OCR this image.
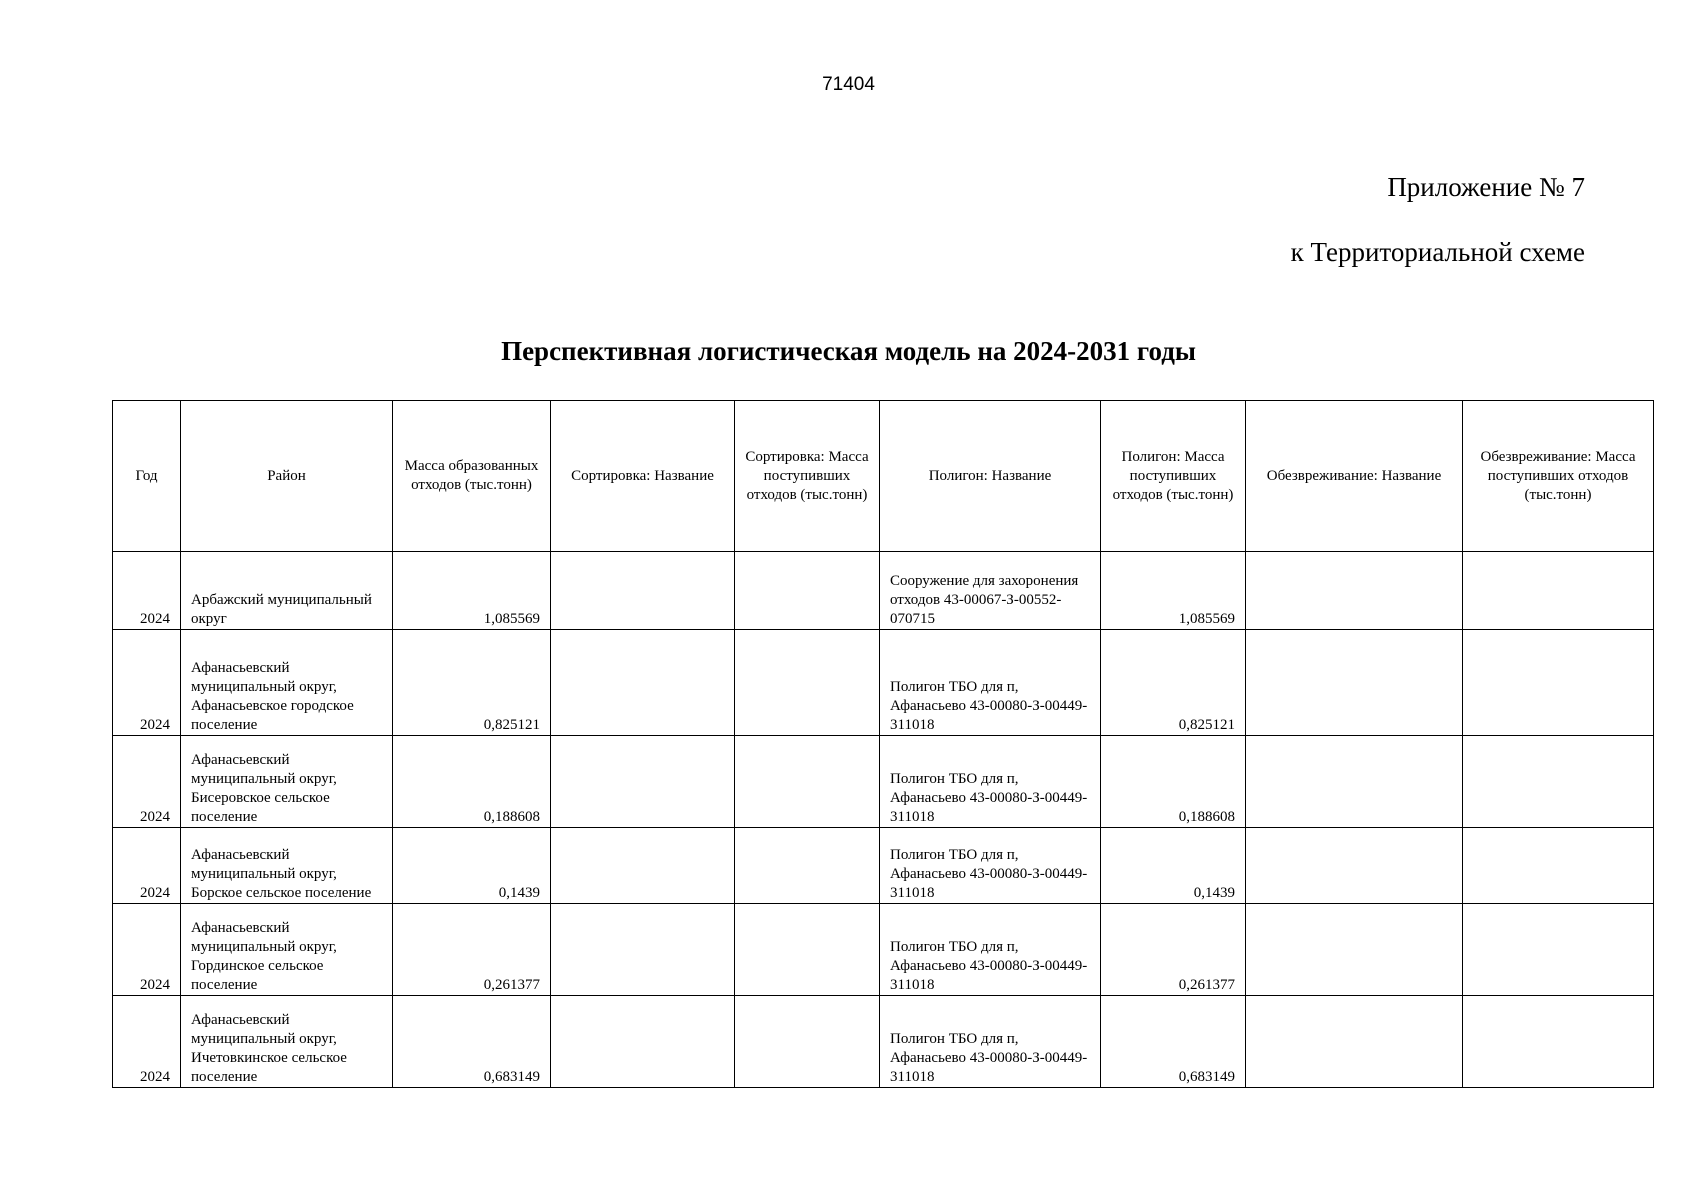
71404
Приложение № 7
к Территориальной схеме
Перспективная логистическая модель на 2024-2031 годы
Год	Район	Масса образованных отходов (тыс.тонн)	Сортировка: Название	Сортировка: Масса поступивших отходов (тыс.тонн)	Полигон: Название	Полигон: Масса поступивших отходов (тыс.тонн)	Обезвреживание: Название	Обезвреживание: Масса поступивших отходов (тыс.тонн)
2024	Арбажский муниципальный округ	1,085569			Сооружение для захоронения отходов 43-00067-З-00552-070715	1,085569		
2024	Афанасьевский муниципальный округ, Афанасьевское городское поселение	0,825121			Полигон ТБО для п, Афанасьево 43-00080-З-00449-311018	0,825121		
2024	Афанасьевский муниципальный округ, Бисеровское сельское поселение	0,188608			Полигон ТБО для п, Афанасьево 43-00080-З-00449-311018	0,188608		
2024	Афанасьевский муниципальный округ, Борское сельское поселение	0,1439			Полигон ТБО для п, Афанасьево 43-00080-З-00449-311018	0,1439		
2024	Афанасьевский муниципальный округ, Гординское сельское поселение	0,261377			Полигон ТБО для п, Афанасьево 43-00080-З-00449-311018	0,261377		
2024	Афанасьевский муниципальный округ, Ичетовкинское сельское поселение	0,683149			Полигон ТБО для п, Афанасьево 43-00080-З-00449-311018	0,683149		
